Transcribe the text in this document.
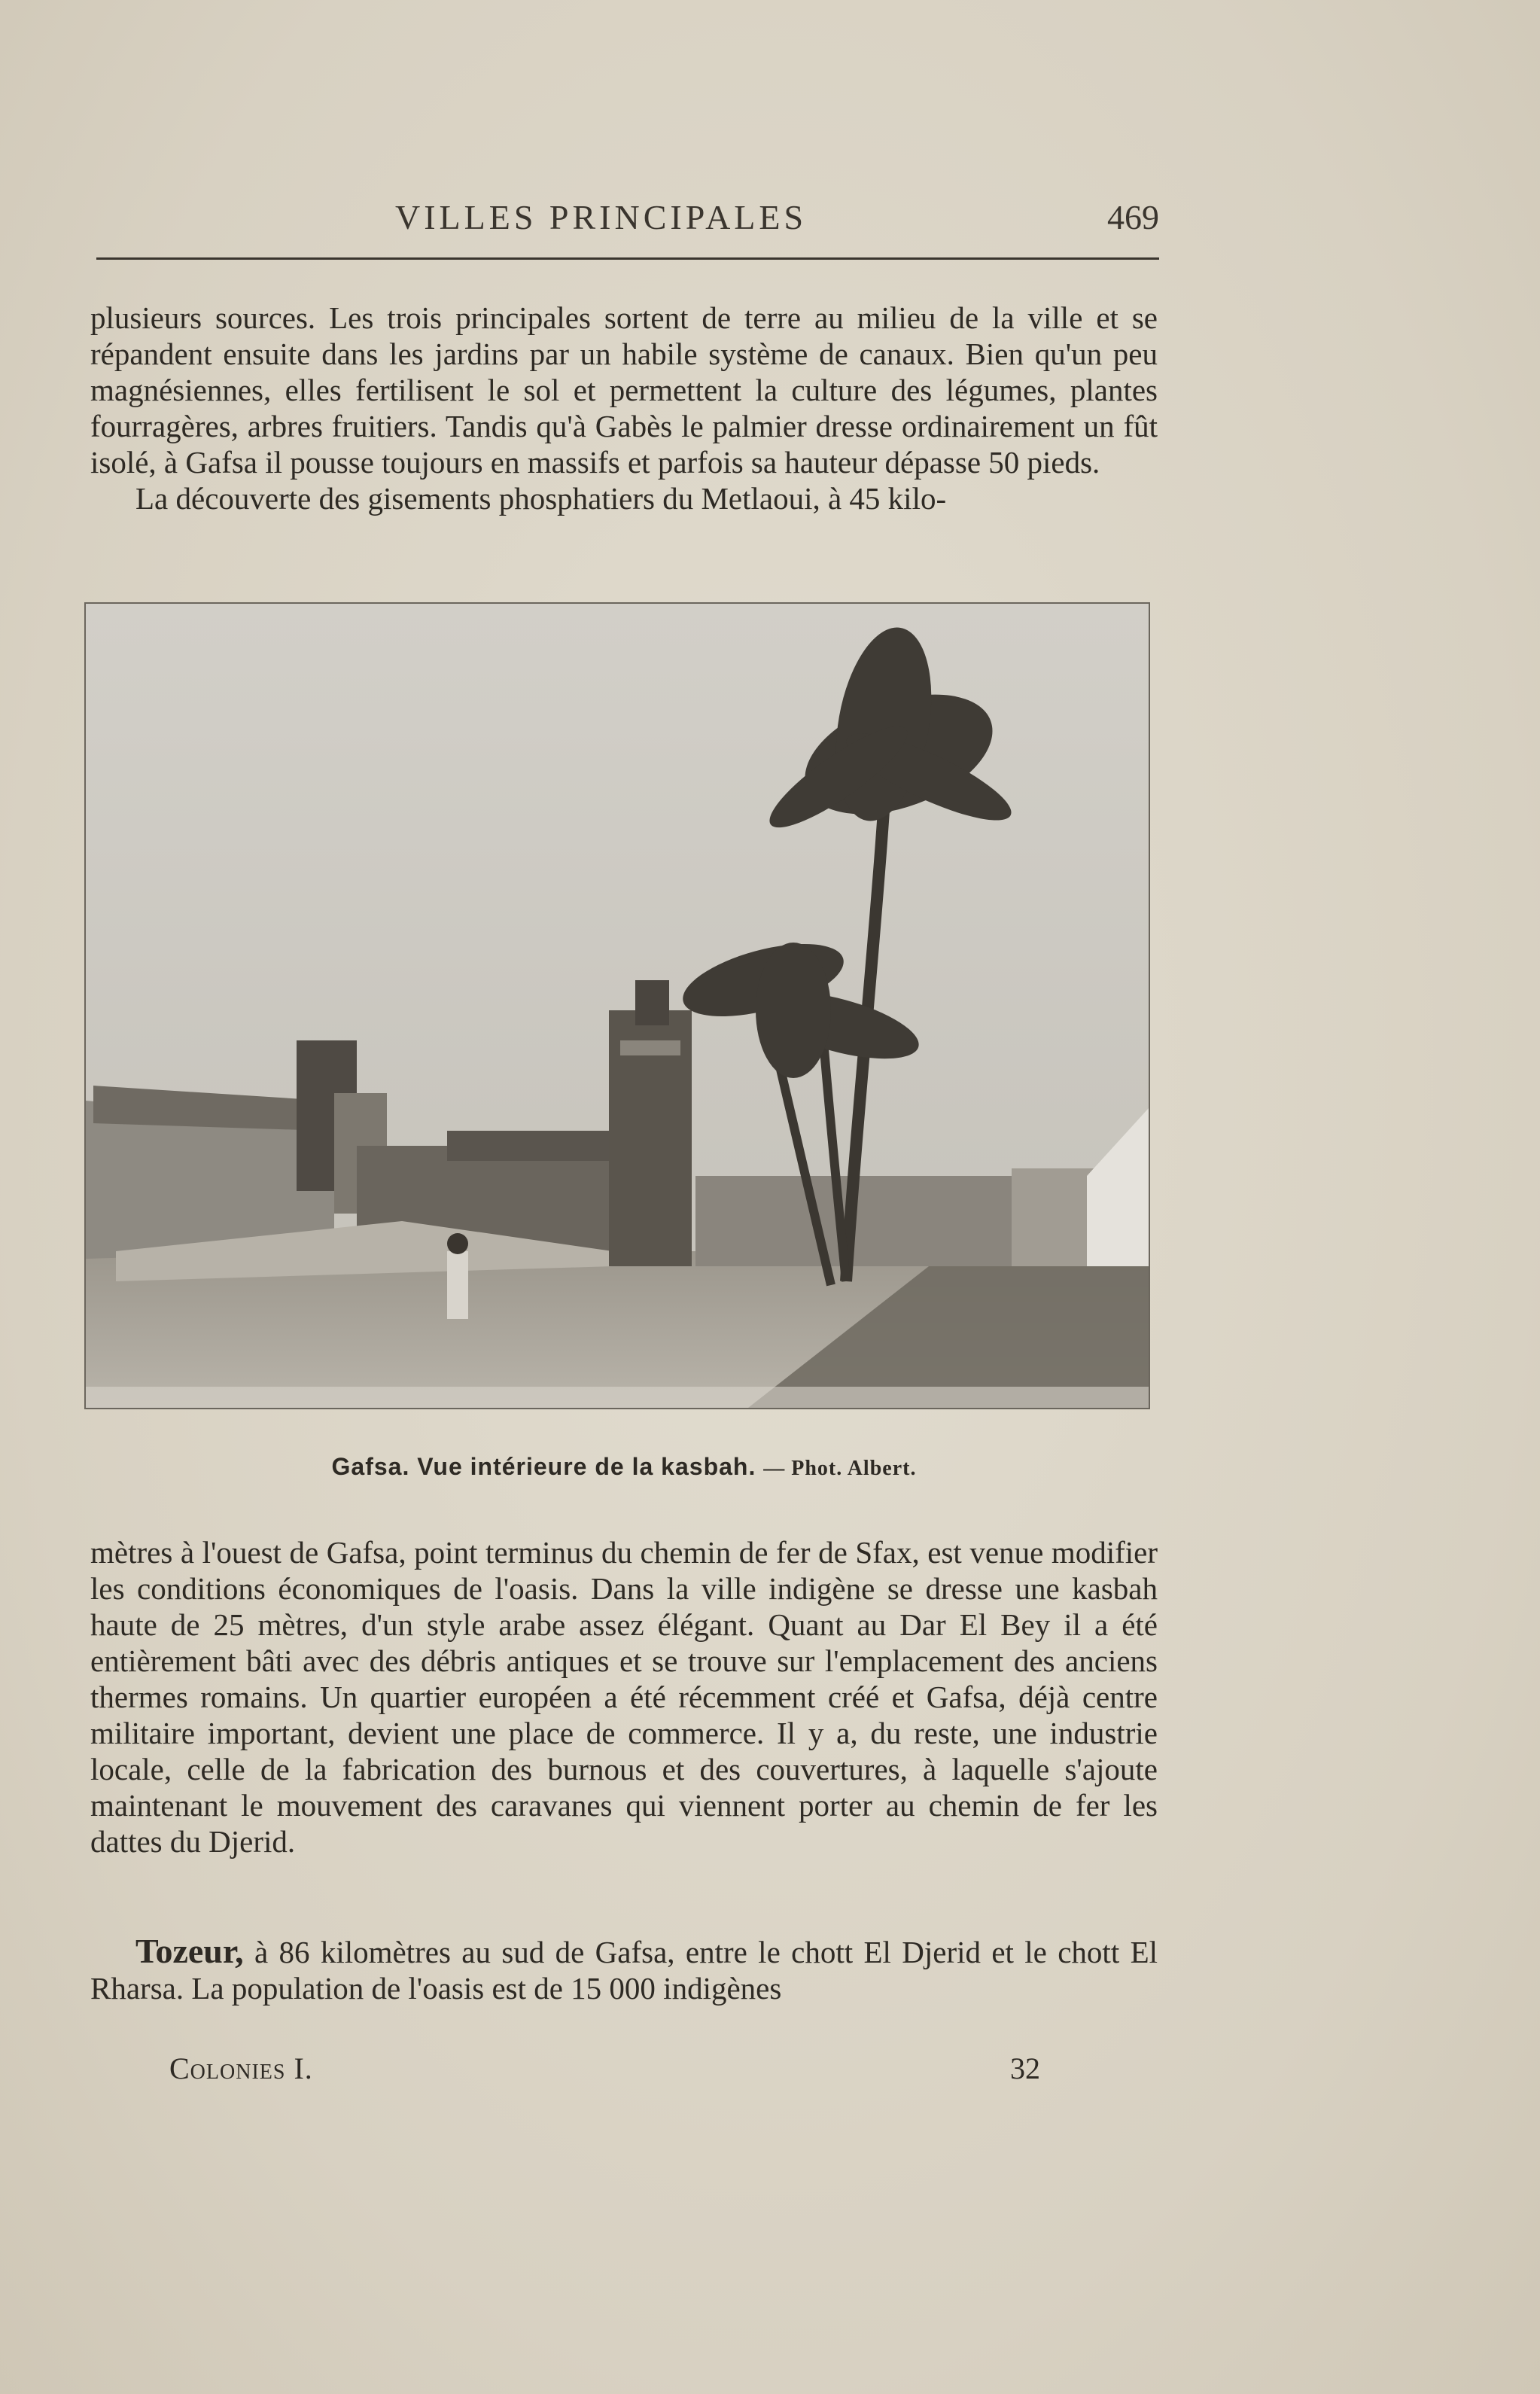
VILLES PRINCIPALES	469

plusieurs sources. Les trois principales sortent de terre au milieu de la ville et se répandent ensuite dans les jardins par un habile système de canaux. Bien qu'un peu magnésiennes, elles fertilisent le sol et permettent la culture des légumes, plantes fourragères, arbres fruitiers. Tandis qu'à Gabès le palmier dresse ordinairement un fût isolé, à Gafsa il pousse toujours en massifs et parfois sa hauteur dépasse 50 pieds.

La découverte des gisements phosphatiers du Metlaoui, à 45 kilo-

Gafsa. Vue intérieure de la kasbah. — Phot. Albert.

mètres à l'ouest de Gafsa, point terminus du chemin de fer de Sfax, est venue modifier les conditions économiques de l'oasis. Dans la ville indigène se dresse une kasbah haute de 25 mètres, d'un style arabe assez élégant. Quant au Dar El Bey il a été entièrement bâti avec des débris antiques et se trouve sur l'emplacement des anciens thermes romains. Un quartier européen a été récemment créé et Gafsa, déjà centre militaire important, devient une place de commerce. Il y a, du reste, une industrie locale, celle de la fabrication des burnous et des couvertures, à laquelle s'ajoute maintenant le mouvement des caravanes qui viennent porter au chemin de fer les dattes du Djerid.

Tozeur, à 86 kilomètres au sud de Gafsa, entre le chott El Djerid et le chott El Rharsa. La population de l'oasis est de 15 000 indigènes

Colonies I.	32
